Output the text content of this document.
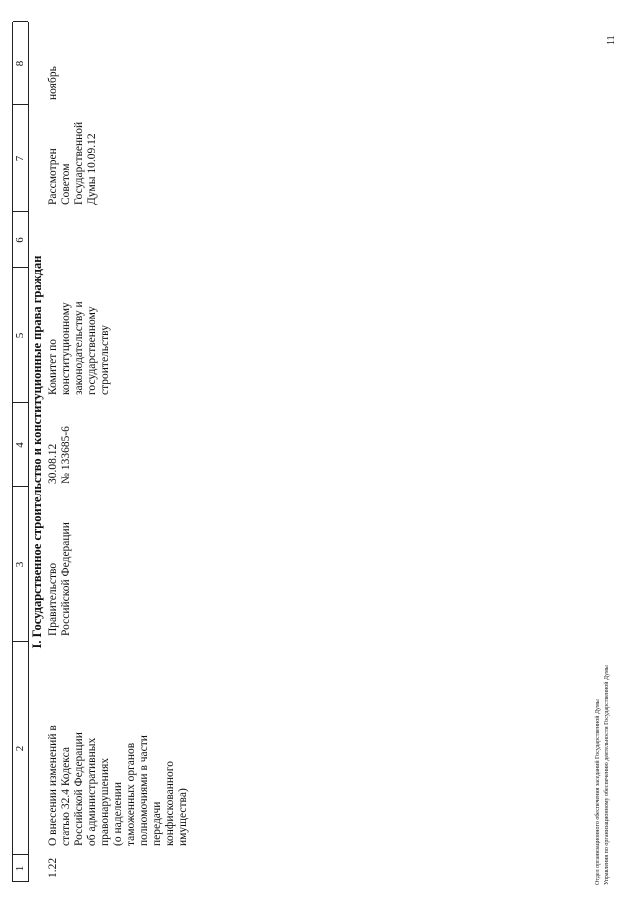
1
2
3
4
5
6
7
8
I. Государственное строительство и конституционные права граждан
1.22
О внесении изменений в статью 32.4 Кодекса Российской Федерации об административных правонарушениях (о наделении таможенных органов полномочиями в части передачи конфискованного имущества)
Правительство Российской Федерации
30.08.12 № 133685-6
Комитет по конституционному законодательству и государственному строительству
Рассмотрен Советом Государственной Думы 10.09.12
ноябрь
Отдел организационного обеспечения заседаний Государственной Думы Управления по организационному обеспечению деятельности Государственной Думы
11
